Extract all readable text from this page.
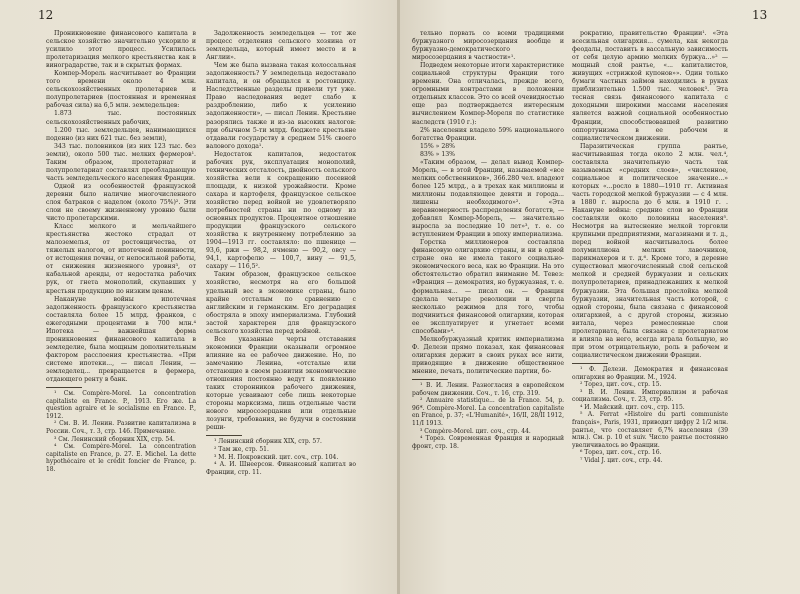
12

Проникновение финансового капитала в сельское хозяйство значительно ускорило и усилило этот процесс. Усилилась пролетаризация мелкого крестьянства как в виноградарстве, так и в скрытых формах.

Компер-Морель насчитывает во Франции того времени около 4 млн. сельскохозяйственных пролетариев и полупролетариев (постоянная и временная рабочая сила) на 6,5 млн. земледельцев:

1.873 тыс. постоянных сельскохозяйственных рабочих,

1.200 тыс. земледельцев, нанимающихся поденно (из них 621 тыс. без земли),

343 тыс. половников (из них 123 тыс. без земли), около 500 тыс. мелких фермеров¹. Таким образом, пролетариат и полупролетариат составлял преобладающую часть земледельческого населения Франции.

Одной из особенностей французской деревни было наличие многочисленного слоя батраков с наделом (около 75%)². Эти слои не своему жизненному уровню были чисто пролетарскими.

Класс мелкого и мельчайшего крестьянства жестоко страдал от малоземелья, от ростовщичества, от тяжелых налогов, от ипотечной повинности, от истощения почвы, от непосильной работы, от снижения жизненного уровня³, от кабальной аренды, от недостатка рабочих рук, от гнета монополий, скупавших у крестьян продукцию по низким ценам.

Накануне войны ипотечная задолженность французского крестьянства составляла более 15 млрд. франков, с ежегодными процентами в 700 млн.⁴ Ипотека — важнейшая форма проникновения финансового капитала в земледелие, была мощным дополнительным фактором расслоения крестьянства. «При системе ипотеки..., — писал Ленин, — земледелец... превращается в фермера, отдающего ренту в банк.

¹ См. Compère-Morel. La concentration capitaliste en France. P., 1913. Его же. La question agraire et le socialisme en France. P., 1912.

² См. В. И. Ленин. Развитие капитализма в России. Соч., т. 3, стр. 146. Примечание.

³ См. Ленинский сборник XIX, стр. 54.

⁴ См. Compère-Morel. La concentration capitaliste en France, p. 27. E. Michel. La dette hypothécaire et le crédit foncier de France, p. 18.

Задолженность земледельцев — тот же процесс отделения сельского хозяина от земледельца, который имеет место и в Англии».

Чем же была вызвана такая колоссальная задолженность? У земледельца недоставало капитала, и он обращался к ростовщику. Наследственные разделы привели тут уже. Право наследования ведет слабо к раздроблению, либо к усилению задолженности», — писал Ленин. Крестьяне разорялись также и из-за высоких налогов: при обычном 5-ти млрд. бюджете крестьяне отдавали государству в среднем 51% своего валового дохода¹.

Недостаток капиталов, недостаток рабочих рук, эксплуатация монополий, технических отсталость, двойность сельского хозяйства вели к сокращению посевной площади, к низкой урожайности. Кроме сахара и картофеля, французское сельское хозяйство перед войной не удовлетворяло потребностей страны ни по одному из основных продуктов. Процентное отношение продукции французского сельского хозяйства к внутреннему потреблению за 1904—1913 гг. составляло: по пшенице — 93,6, ржи — 98,2, ячменю — 90,2, овсу — 94,1, картофелю — 100,7, вину — 91,5, сахару — 116,5².

Таким образом, французское сельское хозяйство, несмотря на его большой удельный вес в экономике страны, было крайне отсталым по сравнению с английским и германским. Его деградация обостряла в эпоху империализма. Глубокий застой характерен для французского сельского хозяйства перед войной.

Все указанные черты отставания экономики Франции оказывали огромное влияние на ее рабочее движение. Но, по замечанию Ленина, «отсталые или отстающие в своем развитии экономические отношения постоянно ведут к появлению таких сторонников рабочего движения, которые усваивают себе лишь некоторые стороны марксизма, лишь отдельные части нового миросозерцания или отдельные лозунги, требования, не будучи в состоянии реши-

¹ Ленинский сборник XIX, стр. 57.

² Там же, стр. 51.

³ М. Н. Покровский. цит. соч., стр. 104.

⁴ А. И. Шнеерсон. Финансовый капитал во Франции, стр. 11.

13

тельно порвать со всеми традициями буржуазного миросозерцания вообще и буржуазно-демократического миросозерцания в частности»¹.

Подведем некоторые итоги характеристике социальной структуры Франции того времени. Она отличалась, прежде всего, огромными контрастами в положении отдельных классов. Это со всей очевидностью еще раз подтверждается интересным вычислением Компер-Мореля по статистике наследств (1910 г.):

2% населения владело 59% национального богатства Франции.

15% » 28%

83% » 13%

«Таким образом, — делал вывод Компер-Морель, — в этой Франции, называемой «все мелких собственников», 366.280 чел. владеют более 125 млрд., а в трехах как миллионы и миллионы подавляющее девяти и города... лишены необходимого»². «Эта неравномерность распределения богатств, — добавлял Компер-Морель, — значительно выросла за последние 10 лет»³, т. е. со вступлением Франции в эпоху империализма.

Горстка миллионеров составляла финансовую олигархию страны, и ни в одной стране она не имела такого социально-экономического веса, как во Франции. На это обстоятельство обратил внимание М. Тевез: «Франция — демократия, но буржуазная, т. е. формальная... — писал он. — Франция сделала четыре революции и свергла несколько режимов для того, чтобы подчиниться финансовой олигархии, которая ее эксплуатирует и угнетает всеми способами»⁴.

Мелкобуржуазный критик империализма Ф. Делези прямо показал, как финансовая олигархия держит в своих руках все нити, приводящие в движение общественное мнение, печать, политические партии, бо-

¹ В. И. Ленин. Разногласия в европейском рабочем движении. Соч., т. 16, стр. 319.

² Annuaire statistique... de la France. 54, p. 96*. Compère-Morel. La concentration capitaliste en France, p. 37; «L'Humanité», 16/II, 28/II 1912, 11/I 1913.

³ Compère-Morel. цит. соч., стр. 44.

⁴ Торез. Современная Франция и народный фронт, стр. 18.

рократию, правительство Франции¹. «Эта всесильная олигархия... сумела, как некогда феодалы, поставить в вассальную зависимость от себя целую армию мелких буржуа...»² — мощный слой рантье, «... капиталистов, живущих «стрижкой купонов»». Один только бумаги частных займов находились в руках приблизительно 1.500 тыс. человек³. Эта тесная связь финансового капитала с доходными широкими массами населения является важной социальной особенностью Франции, способствовавшей развитию оппортунизма в ее рабочем и социалистическом движении.

Паразитическая группа рантье, насчитывавшая тогда около 2 млн. чел.⁴, составляла значительную часть так называемых «средних слоев», «численное, социальное и политическое значение...» которых «...росло в 1880—1910 гг. Активная часть городской мелкой буржуазии — с 4 млн. в 1880 г. выросла до 6 млн. в 1910 г. . Накануне войны: средние слои во Франции составляли около половины населения⁵. Несмотря на вытеснение мелкой торговли крупными предприятиями, магазинами и т. д., перед войной насчитывалось более полумиллиона мелких лавочников, парикмахеров и т. д.⁶. Кроме того, в деревне существовал многочисленный слой сельской мелкой и средней буржуазии и сельских полупролетариев, принадлежавших к мелкой буржуазии. Эта большая прослойка мелкой буржуазии, значительная часть которой, с одной стороны, была связана с финансовой олигархией, а с другой стороны, жизнью витала, через ремесленные слои пролетариата, была связана с пролетариатом и влияла на него, всегда играла большую, но при этом отрицательную, роль в рабочем и социалистическом движении Франции.

¹ Ф. Делези. Демократия и финансовая олигархия во Франции. М., 1924.

² Торез, цит. соч., стр. 15.

³ В. И. Ленин. Империализм и рабочая социализма. Соч., т. 23, стр. 95.

⁴ И. Майский. цит. соч., стр. 115.

⁵ A. Ferrat «Histoire du parti communiste français», Paris, 1931, приводит цифру 2 1/2 млн. рантье, что составляет 6,7% населения (39 млн.). См. р. 10 et suiv. Число рантье постоянно увеличивалось во Франции.

⁶ Торез, цит. соч., стр. 16.

⁷ Vidal J. цит. соч., стр. 44.
